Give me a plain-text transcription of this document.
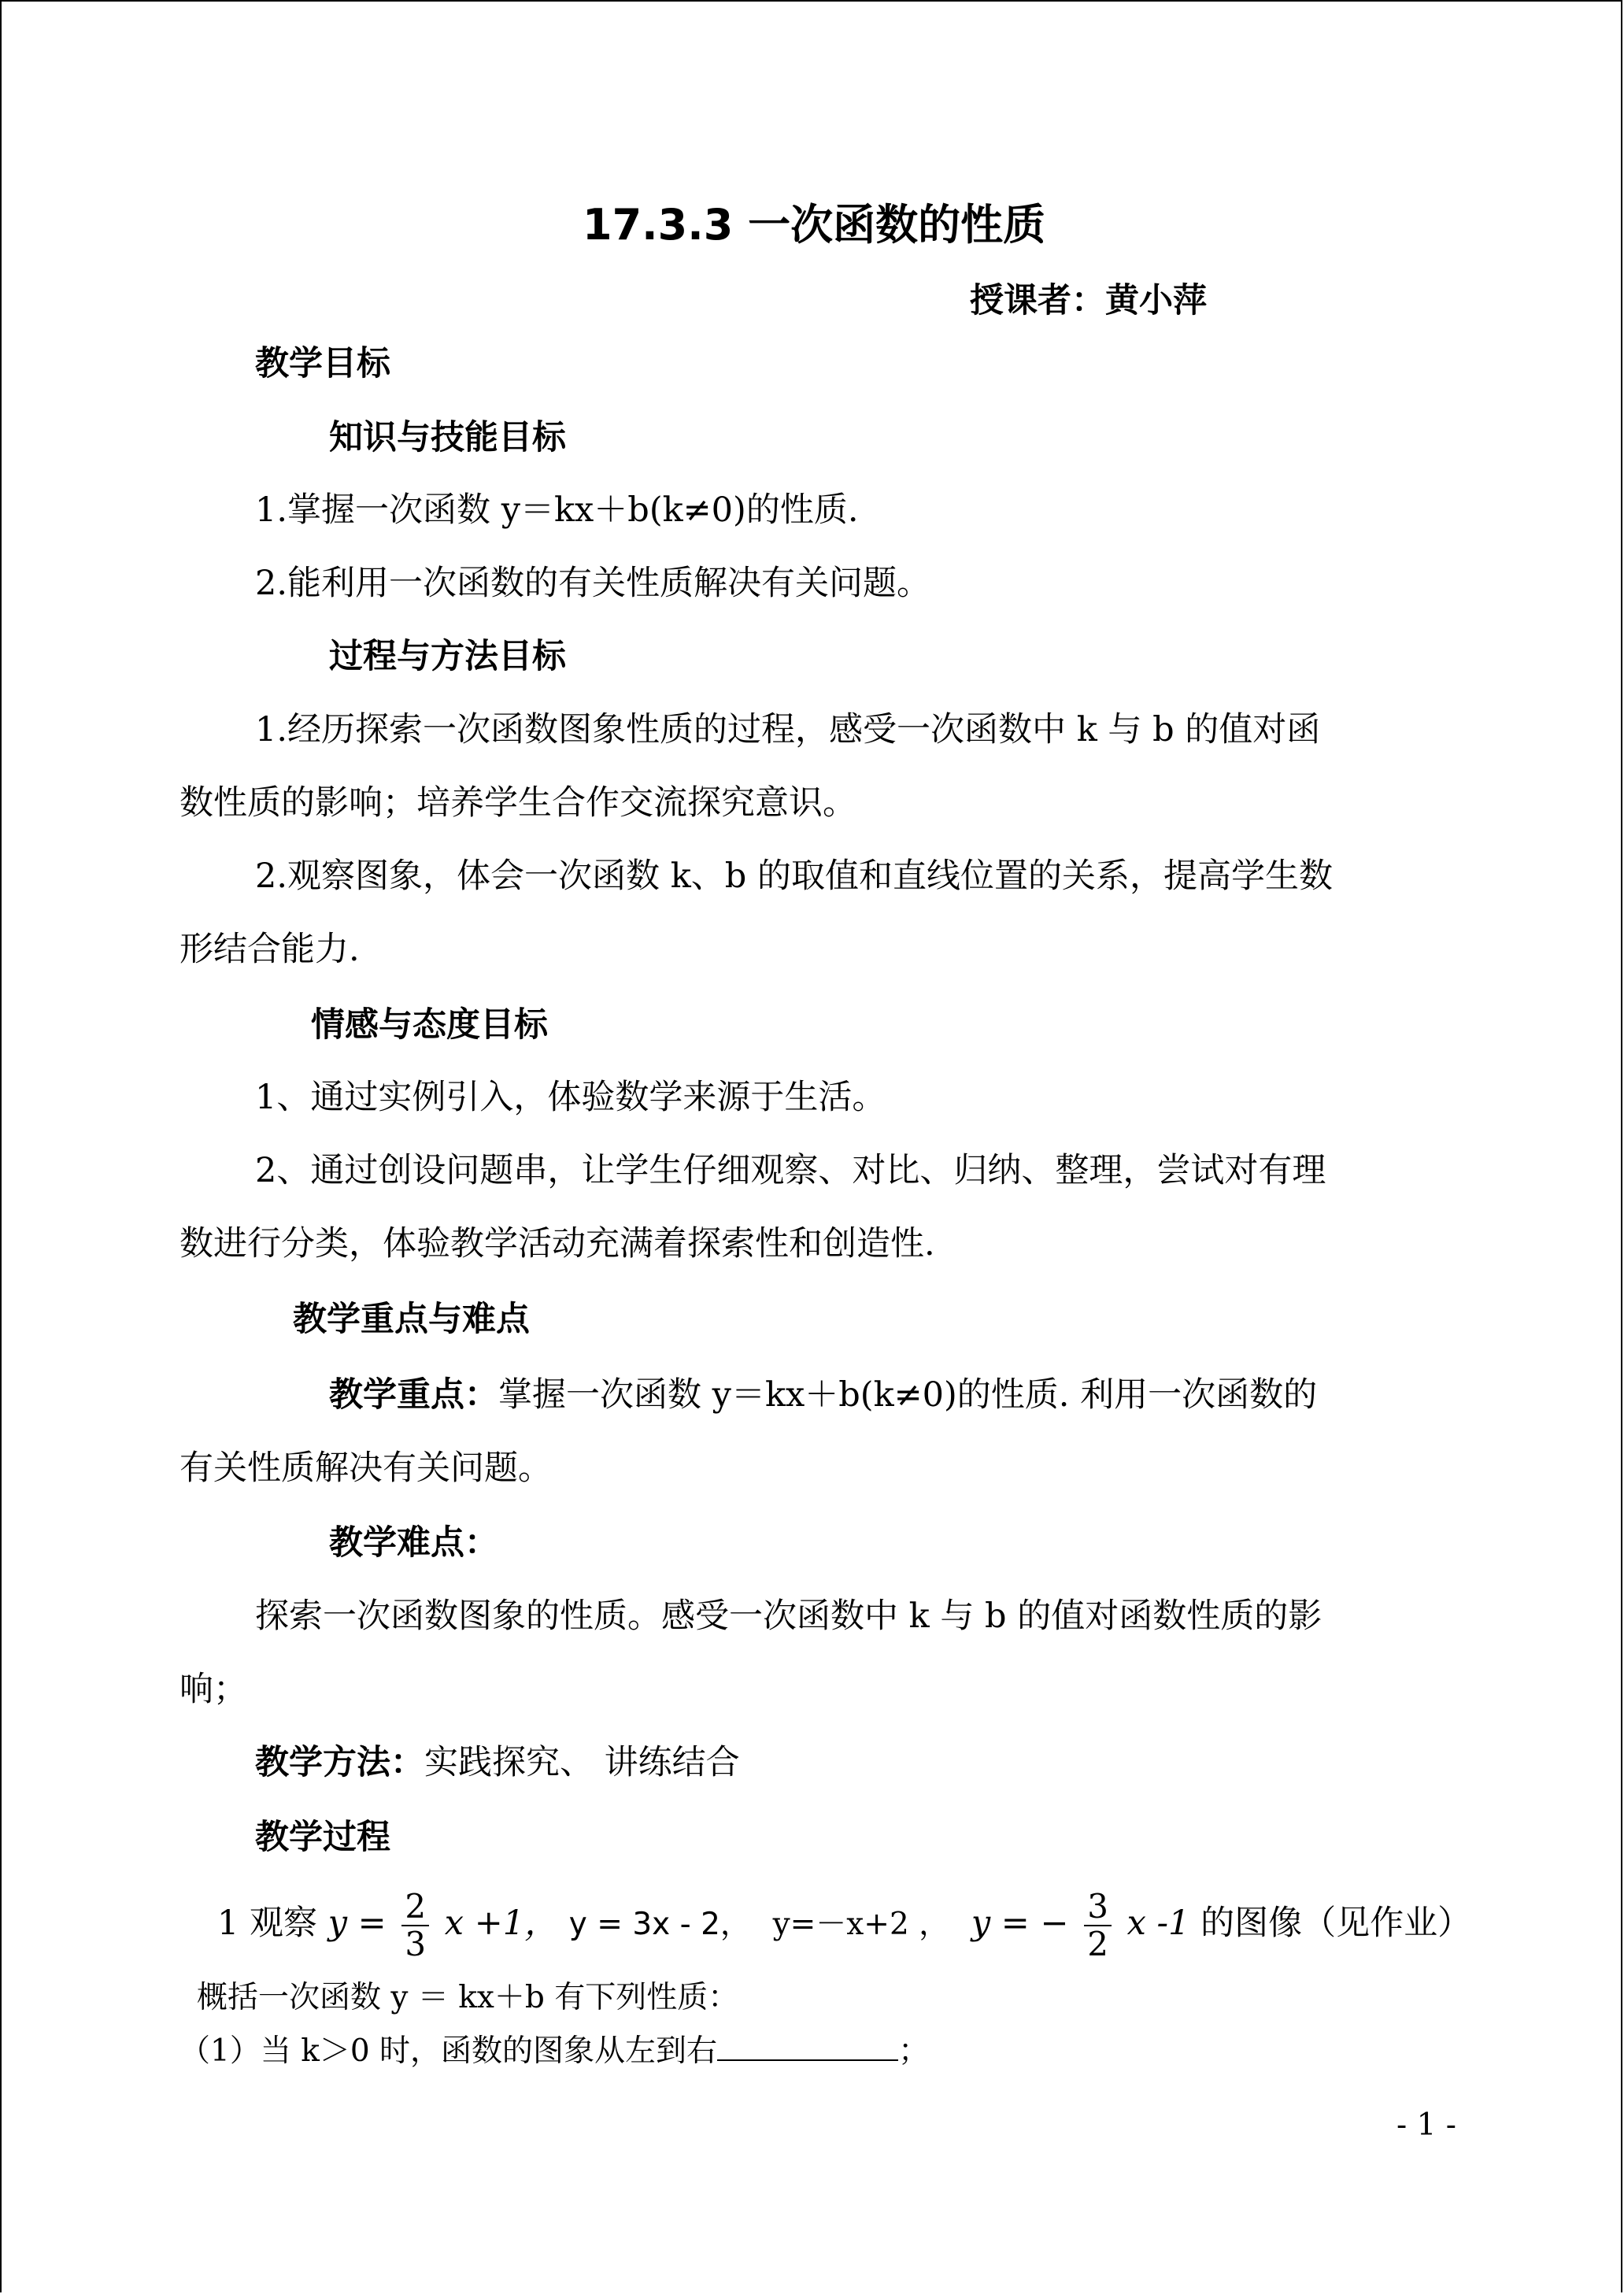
17.3.3 一次函数的性质
授课者：黄小萍
教学目标
知识与技能目标
1.掌握一次函数 y＝kx＋b(k≠0)的性质.
2.能利用一次函数的有关性质解决有关问题。
过程与方法目标
1.经历探索一次函数图象性质的过程，感受一次函数中 k 与 b 的值对函
数性质的影响；培养学生合作交流探究意识。
2.观察图象，体会一次函数 k、b 的取值和直线位置的关系，提高学生数
形结合能力.
情感与态度目标
1、通过实例引入，体验数学来源于生活。
2、通过创设问题串，让学生仔细观察、对比、归纳、整理，尝试对有理
数进行分类，体验教学活动充满着探索性和创造性.
教学重点与难点
教学重点：掌握一次函数 y＝kx＋b(k≠0)的性质. 利用一次函数的
有关性质解决有关问题。
教学难点：
探索一次函数图象的性质。感受一次函数中 k 与 b 的值对函数性质的影
响；
教学方法：实践探究、 讲练结合
教学过程
1 观察 $y = \frac{2}{3}$ x +1， y = 3x - 2， y=－x+2 ， y = − $\frac{3}{2}$ x -1 的图像（见作业）
概括一次函数 y ＝ kx＋b 有下列性质：
（1）当 k＞0 时，函数的图象从左到右	；
- 1 -
